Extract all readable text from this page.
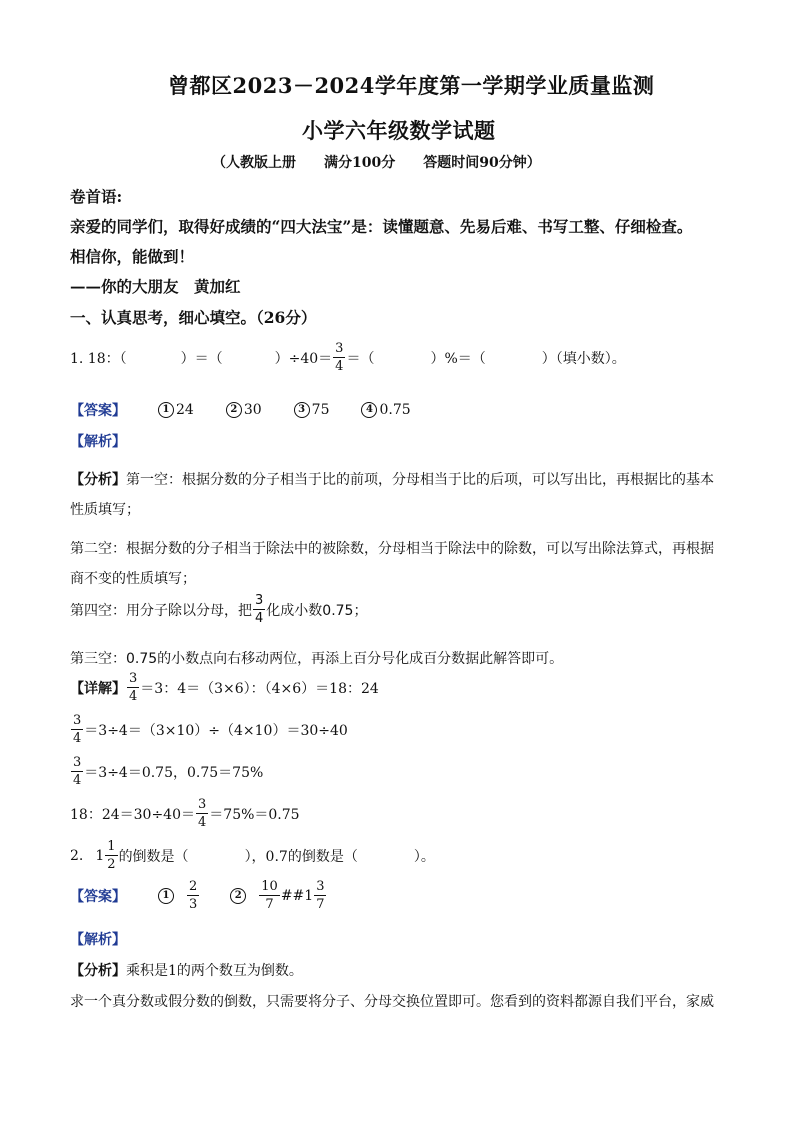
曾都区2023－2024学年度第一学期学业质量监测
小学六年级数学试题
（人教版上册　　满分100分　　答题时间90分钟）
卷首语:
亲爱的同学们，取得好成绩的“四大法宝”是：读懂题意、先易后难、书写工整、仔细检查。
相信你，能做到！
——你的大朋友　黄加红
一、认真思考，细心填空。（26分）
1. 18：（	）＝（	）$\div 40= \frac{3}{4}$ ＝（	）%＝（	）（填小数）。
【答案】	1 24	2 30	3 75	4 0.75
【解析】
【分析】第一空：根据分数的分子相当于比的前项，分母相当于比的后项，可以写出比，再根据比的基本
性质填写；
第二空：根据分数的分子相当于除法中的被除数，分母相当于除法中的除数，可以写出除法算式，再根据
商不变的性质填写；
第四空：用分子除以分母，把 $\frac{3}{4}$ 化成小数0.75；
第三空：0.75的小数点向右移动两位，再添上百分号化成百分数据此解答即可。
【详解】 $\frac{3}{4} =3$：4＝（3×6）：（4×6）＝18：24
$\frac{3}{4} =3\div 4=(3\times 10)\div(4\times 10)=30\div 40$
$\frac{3}{4} =3\div 4=0.75$，0.75＝75%
18：$24=30\div 40= \frac{3}{4} =75\%=0.75$
2. $1 \frac{1}{2}$ 的倒数是（	），0.7的倒数是（	）。
【答案】	1	$\frac{2}{3}$	2	$\frac{10}{7}$ ##1 $\frac{3}{7}$
【解析】
【分析】乘积是1的两个数互为倒数。
求一个真分数或假分数的倒数，只需要将分子、分母交换位置即可。您看到的资料都源自我们平台，家威
